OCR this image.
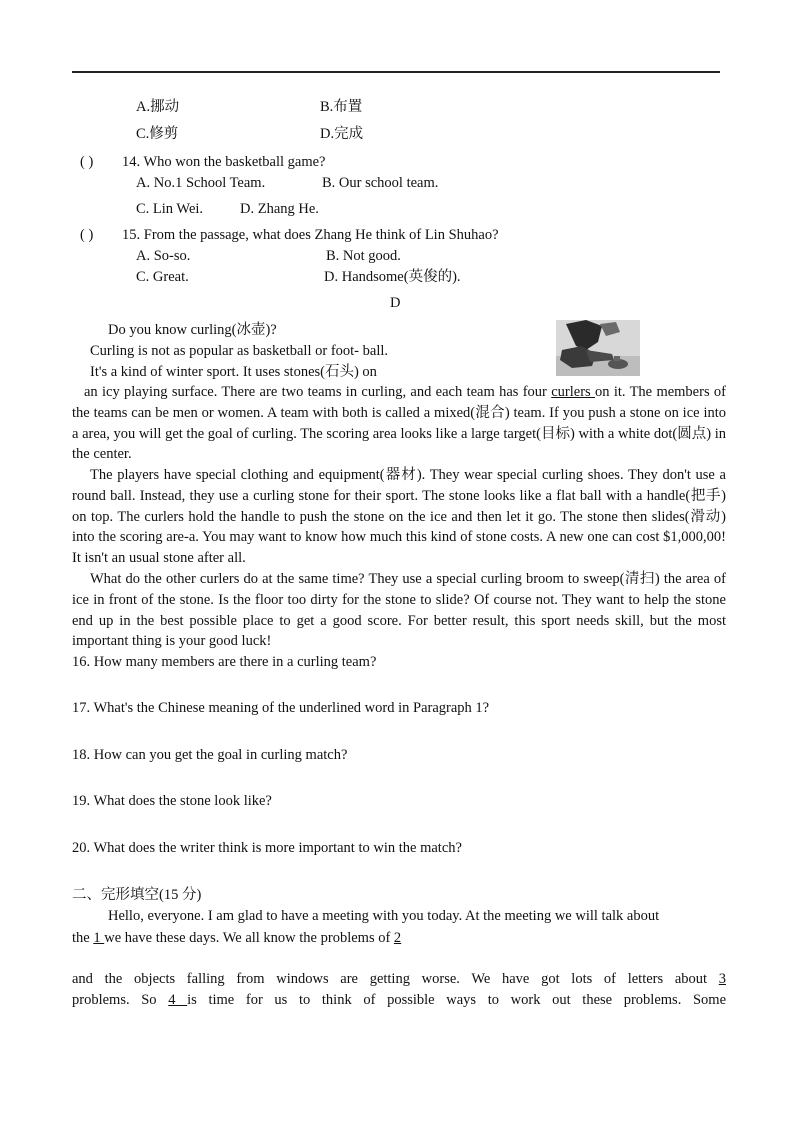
A.挪动	B.布置
C.修剪	D.完成
( ) 14. Who won the basketball game?
A. No.1 School Team.	B. Our school team.
C. Lin Wei.	D. Zhang He.
( ) 15. From the passage, what does Zhang He think of Lin Shuhao?
A. So-so.	B. Not good.
C. Great.	D. Handsome(英俊的).
D
Do you know curling(冰壶)?
Curling is not as popular as basketball or foot- ball.
It's a kind of winter sport. It uses stones(石头) on
an icy playing surface. There are two teams in curling, and each team has four curlers on it. The members of the teams can be men or women. A team with both is called a mixed(混合) team. If you push a stone on ice into a area, you will get the goal of curling. The scoring area looks like a large target(目标) with a white dot(圆点) in the center.
The players have special clothing and equipment(器材). They wear special curling shoes. They don't use a round ball. Instead, they use a curling stone for their sport. The stone looks like a flat ball with a handle(把手) on top. The curlers hold the handle to push the stone on the ice and then let it go. The stone then slides(滑动) into the scoring are-a. You may want to know how much this kind of stone costs. A new one can cost $1,000,00! It isn't an usual stone after all.
What do the other curlers do at the same time? They use a special curling broom to sweep(清扫) the area of ice in front of the stone. Is the floor too dirty for the stone to slide? Of course not. They want to help the stone end up in the best possible place to get a good score. For better result, this sport needs skill, but the most important thing is your good luck!
16. How many members are there in a curling team?
17. What's the Chinese meaning of the underlined word in Paragraph 1?
18. How can you get the goal in curling match?
19. What does the stone look like?
20. What does the writer think is more important to win the match?
二、完形填空(15 分)
Hello, everyone. I am glad to have a meeting with you today. At the meeting we will talk about
the 1 we have these days. We all know the problems of 2
and the objects falling from windows are getting worse. We have got lots of letters about 3
problems. So 4 is time for us to think of possible ways to work out these problems. Some
